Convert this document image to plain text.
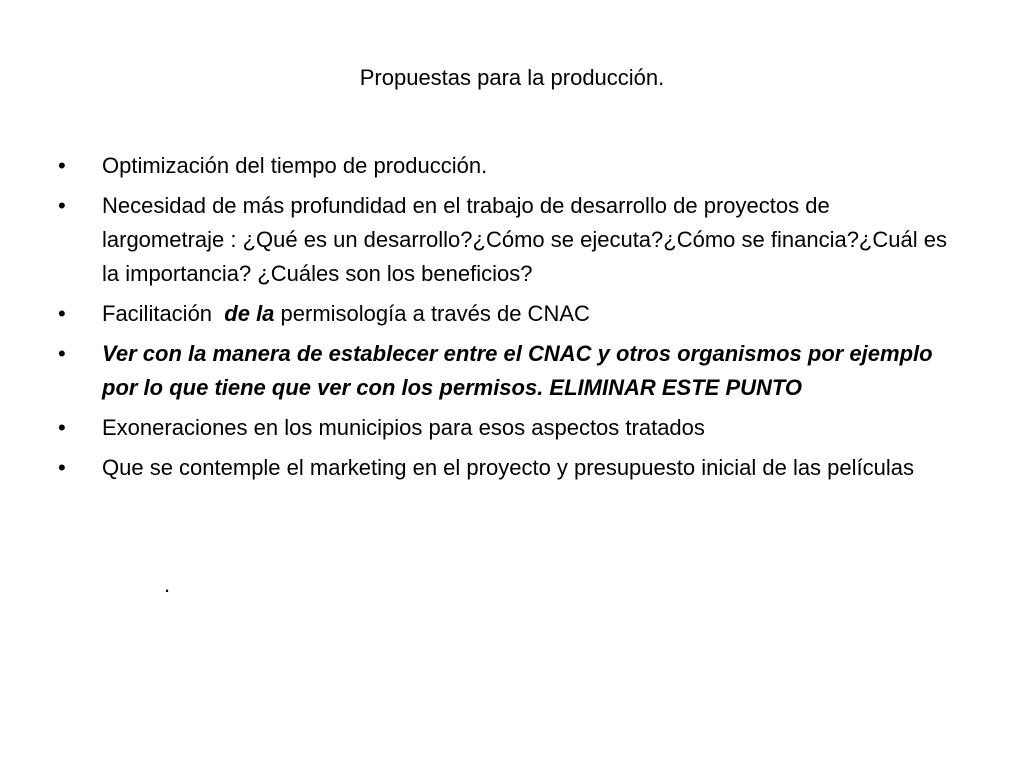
Propuestas para la producción.
•	Optimización del tiempo de producción.
•	Necesidad de más profundidad en el trabajo de desarrollo de proyectos de largometraje : ¿Qué es un desarrollo?¿Cómo se ejecuta?¿Cómo se financia?¿Cuál es la importancia? ¿Cuáles son los beneficios?
•	Facilitación  de la permisología a través de CNAC
•	Ver con la manera de establecer entre el CNAC y otros organismos por ejemplo por lo que tiene que ver con los permisos. ELIMINAR ESTE PUNTO
•	Exoneraciones en los municipios para esos aspectos tratados
•	Que se contemple el marketing en el proyecto y presupuesto inicial de las películas
.
